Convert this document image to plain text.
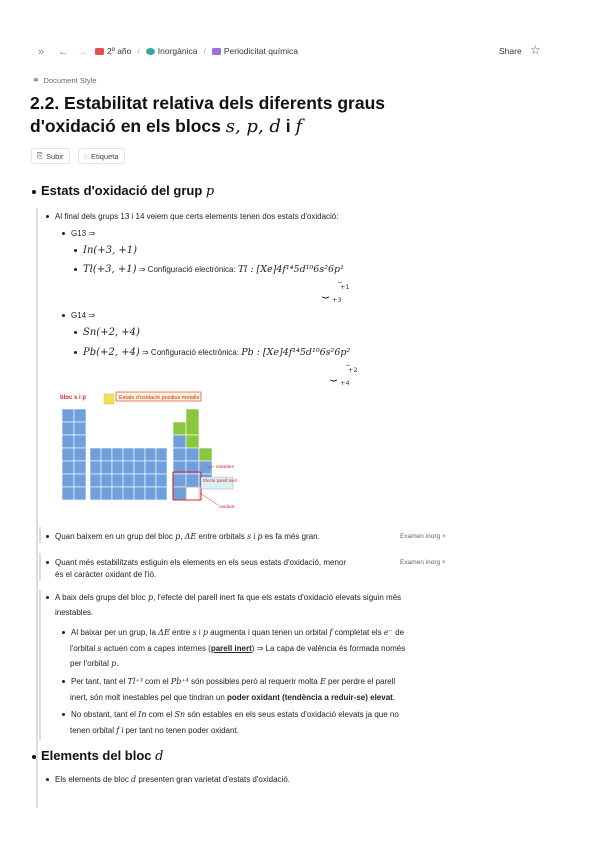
» ← → 2º año / Inorgànica / Periodicitat química	Share ☆
⚭ Document Style
2.2. Estabilitat relativa dels diferents graus
d'oxidació en els blocs s, p, d i f
⎘ Subir	◌ Etiqueta
Estats d'oxidació del grup p
Al final dels grups 13 i 14 veiem que certs elements tenen dos estats d'oxidació:
G13 ⇒
In(+3, +1)
Tl(+3, +1) ⇒ Configuració electrònica: Tl : [Xe]4f¹⁴5d¹⁰6s²6p¹
⏟
+1
⏟
+3
G14 ⇒
Sn(+2, +4)
Pb(+2, +4) ⇒ Configuració electrònica: Pb : [Xe]4f¹⁴5d¹⁰6s²6p²
⏟
+2
⏟
+4
bloc s i p	Estats d'oxidació positius metalls
estables
Efecte parell inert
oxidant
Quan baixem en un grup del bloc p, ΔE entre orbitals s i p es fa més gran.	Examen inorg ×
Quant més estabilitzats estiguin els elements en els seus estats d'oxidació, menor
és el caràcter oxidant de l'ió.
Examen inorg ×
A baix dels grups del bloc p, l'efecte del parell inert fa que els estats d'oxidació elevats siguin més
inestables.
Al baixar per un grup, la ΔE entre s i p augmenta i quan tenen un orbital f completat els e⁻ de
l'orbital s actuen com a capes internes (parell inert) ⇒ La capa de valència és formada només
per l'orbital p.
Per tant, tant el Tl⁺³ com el Pb⁺⁴ són possibles però al requerir molta E per perdre el parell
inert, són molt inestables pel que tindran un poder oxidant (tendència a reduir-se) elevat.
No obstant, tant el In com el Sn són estables en els seus estats d'oxidació elevats ja que no
tenen orbital f i per tant no tenen poder oxidant.
Elements del bloc d
Els elements de bloc d presenten gran varietat d'estats d'oxidació.
